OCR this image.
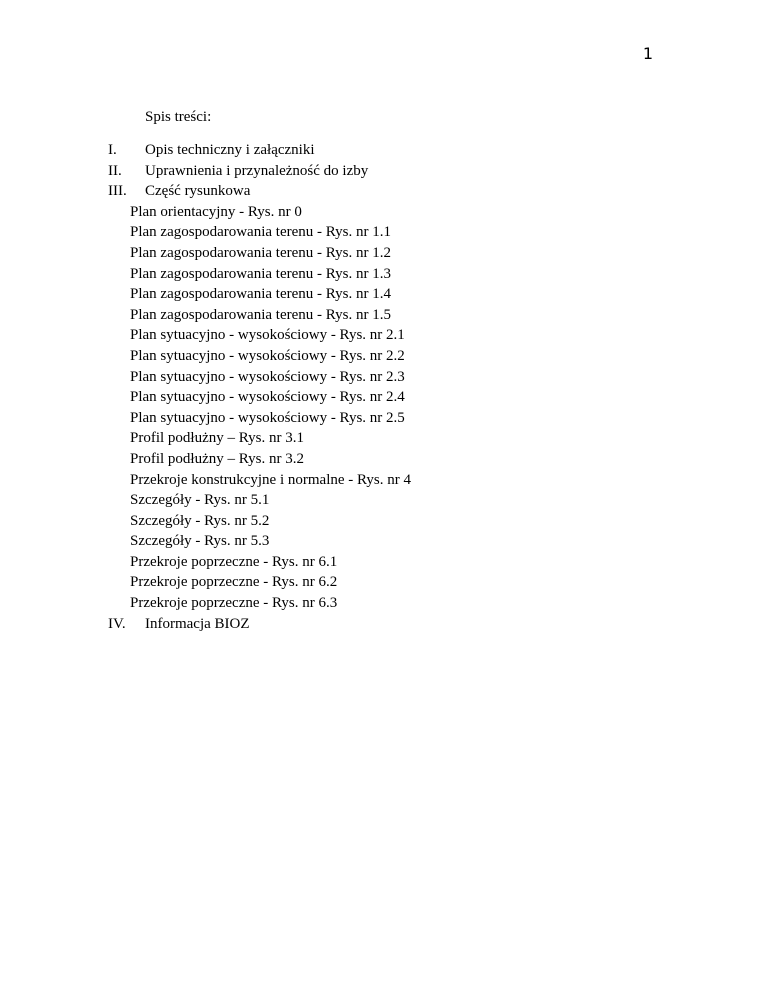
1
Spis treści:
I. Opis techniczny i załączniki
II. Uprawnienia i przynależność do izby
III. Część rysunkowa
Plan orientacyjny - Rys. nr 0
Plan zagospodarowania terenu - Rys. nr 1.1
Plan zagospodarowania terenu - Rys. nr 1.2
Plan zagospodarowania terenu - Rys. nr 1.3
Plan zagospodarowania terenu - Rys. nr 1.4
Plan zagospodarowania terenu - Rys. nr 1.5
Plan sytuacyjno - wysokościowy - Rys. nr 2.1
Plan sytuacyjno - wysokościowy - Rys. nr 2.2
Plan sytuacyjno - wysokościowy - Rys. nr 2.3
Plan sytuacyjno - wysokościowy - Rys. nr 2.4
Plan sytuacyjno - wysokościowy - Rys. nr 2.5
Profil podłużny – Rys. nr 3.1
Profil podłużny – Rys. nr 3.2
Przekroje konstrukcyjne i normalne - Rys. nr 4
Szczegóły - Rys. nr 5.1
Szczegóły - Rys. nr 5.2
Szczegóły - Rys. nr 5.3
Przekroje poprzeczne - Rys. nr 6.1
Przekroje poprzeczne - Rys. nr 6.2
Przekroje poprzeczne - Rys. nr 6.3
IV. Informacja BIOZ
